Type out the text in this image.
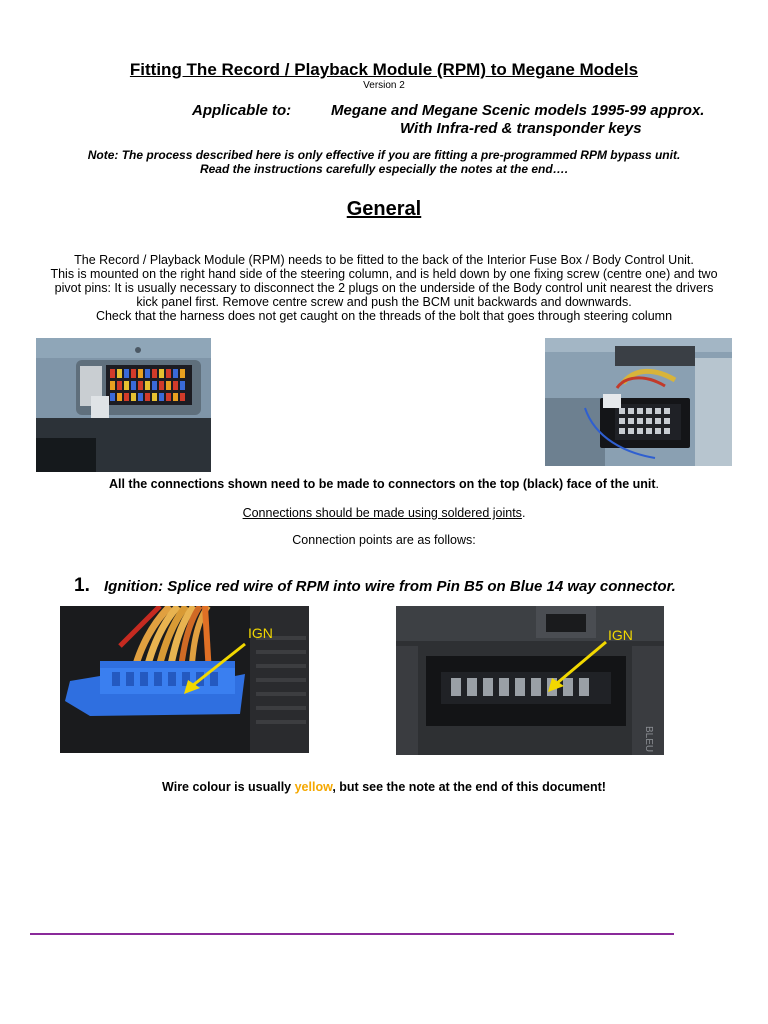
Fitting The Record / Playback Module (RPM) to Megane Models
Version 2
Applicable to:	Megane and Megane Scenic models 1995-99 approx.
With Infra-red & transponder keys
Note: The process described here is only effective if you are fitting a pre-programmed RPM bypass unit.
Read the instructions carefully especially the notes at the end….
General
The Record / Playback Module (RPM) needs to be fitted to the back of the Interior Fuse Box / Body Control Unit.
This is mounted on the right hand side of the steering column, and is held down by one fixing screw (centre one) and two
pivot pins: It is usually necessary to disconnect the 2 plugs on the underside of the Body control unit nearest the drivers
kick panel first. Remove centre screw and push the BCM unit backwards and downwards.
Check that the harness does not get caught on the threads of the bolt that goes through steering column
All the connections shown need to be made to connectors on the top (black) face of the unit.
Connections should be made using soldered joints.
Connection points are as follows:
1. Ignition: Splice red wire of RPM into wire from Pin B5 on Blue 14 way connector.
IGN
BLEU
IGN
Wire colour is usually yellow, but see the note at the end of this document!
